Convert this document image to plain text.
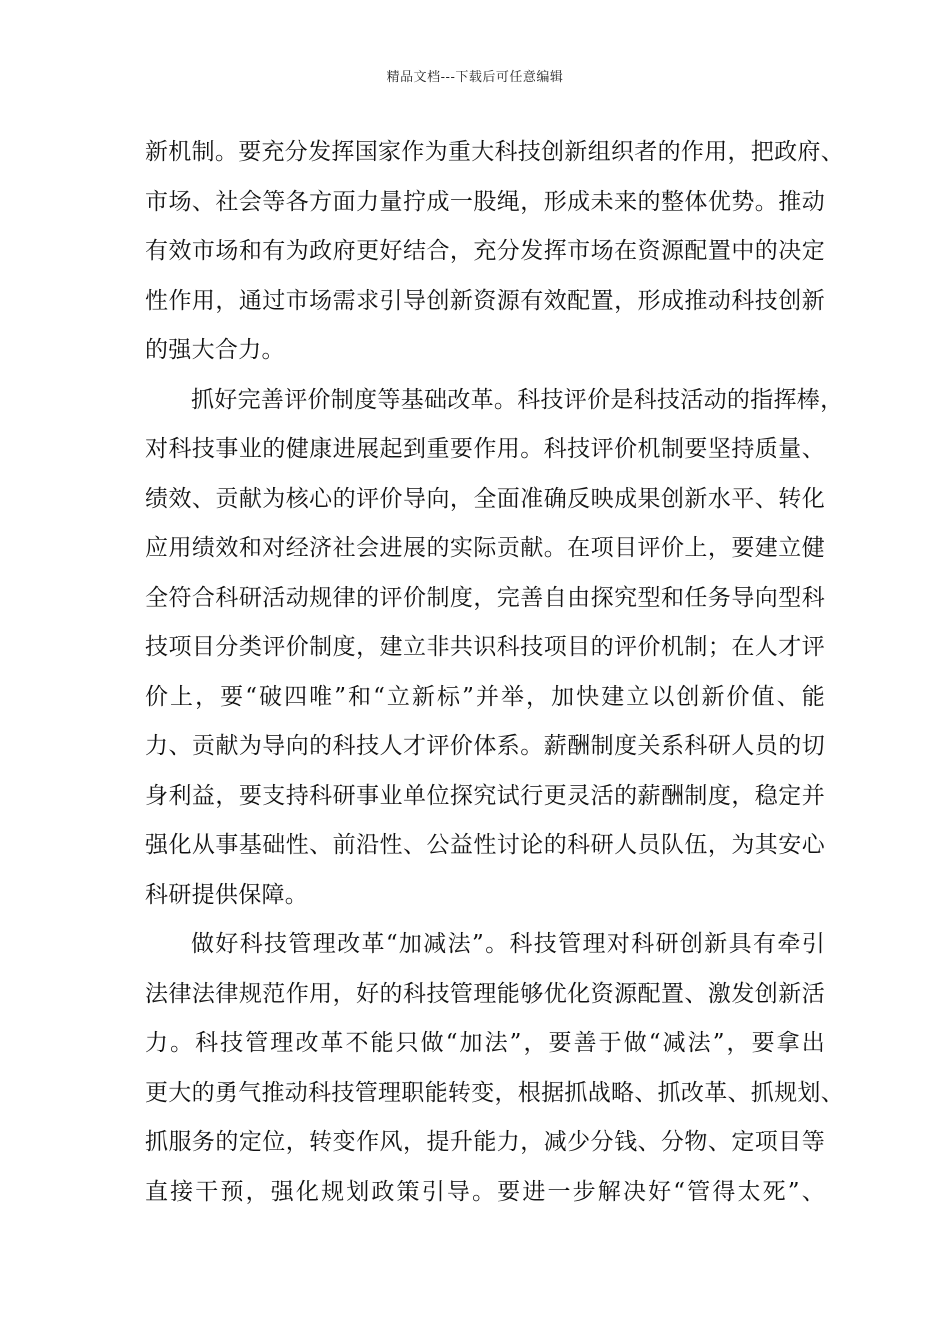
精品文档---下载后可任意编辑
新机制。要充分发挥国家作为重大科技创新组织者的作用，把政府、
市场、社会等各方面力量拧成一股绳，形成未来的整体优势。推动
有效市场和有为政府更好结合，充分发挥市场在资源配置中的决定
性作用，通过市场需求引导创新资源有效配置，形成推动科技创新
的强大合力。
抓好完善评价制度等基础改革。科技评价是科技活动的指挥棒，
对科技事业的健康进展起到重要作用。科技评价机制要坚持质量、
绩效、贡献为核心的评价导向，全面准确反映成果创新水平、转化
应用绩效和对经济社会进展的实际贡献。在项目评价上，要建立健
全符合科研活动规律的评价制度，完善自由探究型和任务导向型科
技项目分类评价制度，建立非共识科技项目的评价机制；在人才评
价上，要“破四唯”和“立新标”并举，加快建立以创新价值、能
力、贡献为导向的科技人才评价体系。薪酬制度关系科研人员的切
身利益，要支持科研事业单位探究试行更灵活的薪酬制度，稳定并
强化从事基础性、前沿性、公益性讨论的科研人员队伍，为其安心
科研提供保障。
做好科技管理改革“加减法”。科技管理对科研创新具有牵引
法律法律规范作用，好的科技管理能够优化资源配置、激发创新活
力。科技管理改革不能只做“加法”，要善于做“减法”，要拿出
更大的勇气推动科技管理职能转变，根据抓战略、抓改革、抓规划、
抓服务的定位，转变作风，提升能力，减少分钱、分物、定项目等
直接干预，强化规划政策引导。要进一步解决好“管得太死”、
